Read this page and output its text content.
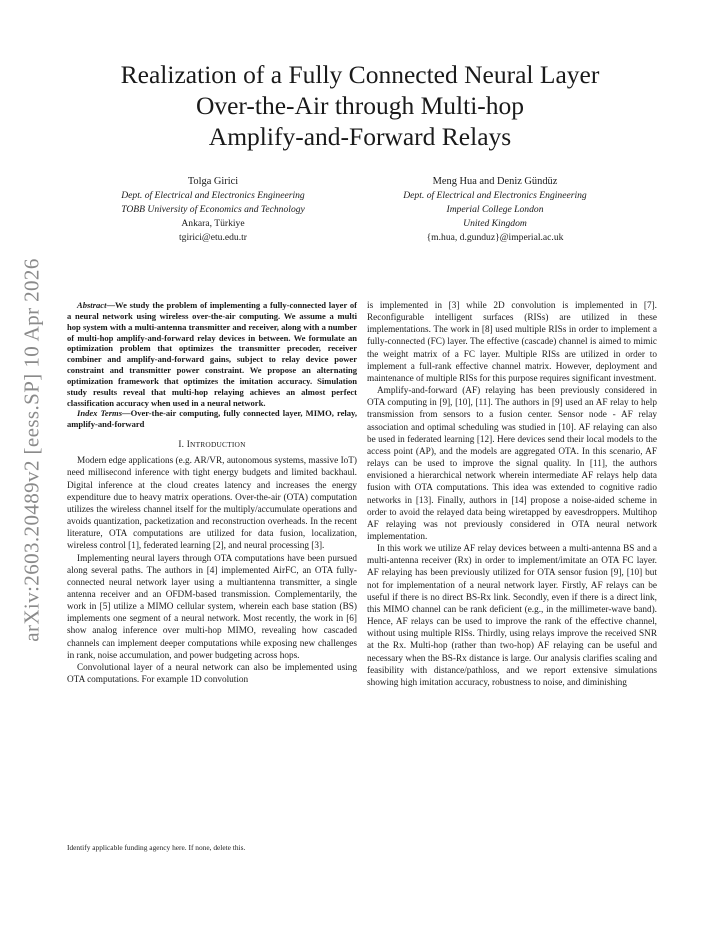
arXiv:2603.20489v2 [eess.SP] 10 Apr 2026
Realization of a Fully Connected Neural Layer
Over-the-Air through Multi-hop
Amplify-and-Forward Relays
Tolga Girici
Dept. of Electrical and Electronics Engineering
TOBB University of Economics and Technology
Ankara, Türkiye
tgirici@etu.edu.tr
Meng Hua and Deniz Gündüz
Dept. of Electrical and Electronics Engineering
Imperial College London
United Kingdom
{m.hua, d.gunduz}@imperial.ac.uk

Abstract—We study the problem of implementing a fully-connected layer of a neural network using wireless over-the-air computing. We assume a multi hop system with a multi-antenna transmitter and receiver, along with a number of multi-hop amplify-and-forward relay devices in between. We formulate an optimization problem that optimizes the transmitter precoder, receiver combiner and amplify-and-forward gains, subject to relay device power constraint and transmitter power constraint. We propose an alternating optimization framework that optimizes the imitation accuracy. Simulation study results reveal that multi-hop relaying achieves an almost perfect classification accuracy when used in a neural network.

Index Terms—Over-the-air computing, fully connected layer, MIMO, relay, amplify-and-forward

I. INTRODUCTION

Modern edge applications (e.g. AR/VR, autonomous systems, massive IoT) need millisecond inference with tight energy budgets and limited backhaul. Digital inference at the cloud creates latency and increases the energy expenditure due to heavy matrix operations. Over-the-air (OTA) computation utilizes the wireless channel itself for the multiply/accumulate operations and avoids quantization, packetization and reconstruction overheads. In the recent literature, OTA computations are utilized for data fusion, localization, wireless control [1], federated learning [2], and neural processing [3].

Implementing neural layers through OTA computations have been pursued along several paths. The authors in [4] implemented AirFC, an OTA fully-connected neural network layer using a multiantenna transmitter, a single antenna receiver and an OFDM-based transmission. Complementarily, the work in [5] utilize a MIMO cellular system, wherein each base station (BS) implements one segment of a neural network. Most recently, the work in [6] show analog inference over multi-hop MIMO, revealing how cascaded channels can implement deeper computations while exposing new challenges in rank, noise accumulation, and power budgeting across hops.

Convolutional layer of a neural network can also be implemented using OTA computations. For example 1D convolution

is implemented in [3] while 2D convolution is implemented in [7]. Reconfigurable intelligent surfaces (RISs) are utilized in these implementations. The work in [8] used multiple RISs in order to implement a fully-connected (FC) layer. The effective (cascade) channel is aimed to mimic the weight matrix of a FC layer. Multiple RISs are utilized in order to implement a full-rank effective channel matrix. However, deployment and maintenance of multiple RISs for this purpose requires significant investment.

Amplify-and-forward (AF) relaying has been previously considered in OTA computing in [9], [10], [11]. The authors in [9] used an AF relay to help transmission from sensors to a fusion center. Sensor node - AF relay association and optimal scheduling was studied in [10]. AF relaying can also be used in federated learning [12]. Here devices send their local models to the access point (AP), and the models are aggregated OTA. In this scenario, AF relays can be used to improve the signal quality. In [11], the authors envisioned a hierarchical network wherein intermediate AF relays help data fusion with OTA computations. This idea was extended to cognitive radio networks in [13]. Finally, authors in [14] propose a noise-aided scheme in order to avoid the relayed data being wiretapped by eavesdroppers. Multihop AF relaying was not previously considered in OTA neural network implementation.

In this work we utilize AF relay devices between a multi-antenna BS and a multi-antenna receiver (Rx) in order to implement/imitate an OTA FC layer. AF relaying has been previously utilized for OTA sensor fusion [9], [10] but not for implementation of a neural network layer. Firstly, AF relays can be useful if there is no direct BS-Rx link. Secondly, even if there is a direct link, this MIMO channel can be rank deficient (e.g., in the millimeter-wave band). Hence, AF relays can be used to improve the rank of the effective channel, without using multiple RISs. Thirdly, using relays improve the received SNR at the Rx. Multi-hop (rather than two-hop) AF relaying can be useful and necessary when the BS-Rx distance is large. Our analysis clarifies scaling and feasibility with distance/pathloss, and we report extensive simulations showing high imitation accuracy, robustness to noise, and diminishing

Identify applicable funding agency here. If none, delete this.
